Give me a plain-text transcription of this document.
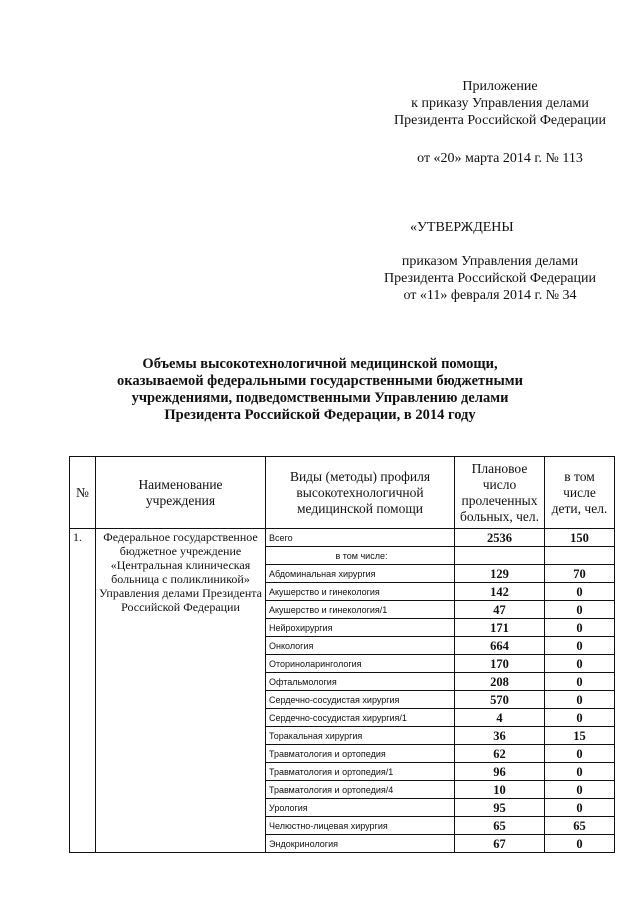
Приложение
к приказу Управления делами
Президента Российской Федерации
от «20» марта 2014 г. № 113
«УТВЕРЖДЕНЫ
приказом Управления делами
Президента Российской Федерации
от «11» февраля 2014 г. № 34
Объемы высокотехнологичной медицинской помощи,
оказываемой федеральными государственными бюджетными
учреждениями, подведомственными Управлению делами
Президента Российской Федерации, в 2014 году
№	Наименование учреждения	Виды (методы) профиля высокотехнологичной медицинской помощи	Плановое число пролеченных больных, чел.	в том числе дети, чел.
1.	Федеральное государственное бюджетное учреждение «Центральная клиническая больница с поликлиникой» Управления делами Президента Российской Федерации	Всего	2536	150
		в том числе:		
		Абдоминальная хирургия	129	70
		Акушерство и гинекология	142	0
		Акушерство и гинекология/1	47	0
		Нейрохирургия	171	0
		Онкология	664	0
		Оториноларингология	170	0
		Офтальмология	208	0
		Сердечно-сосудистая хирургия	570	0
		Сердечно-сосудистая хирургия/1	4	0
		Торакальная хирургия	36	15
		Травматология и ортопедия	62	0
		Травматология и ортопедия/1	96	0
		Травматология и ортопедия/4	10	0
		Урология	95	0
		Челюстно-лицевая хирургия	65	65
		Эндокринология	67	0
